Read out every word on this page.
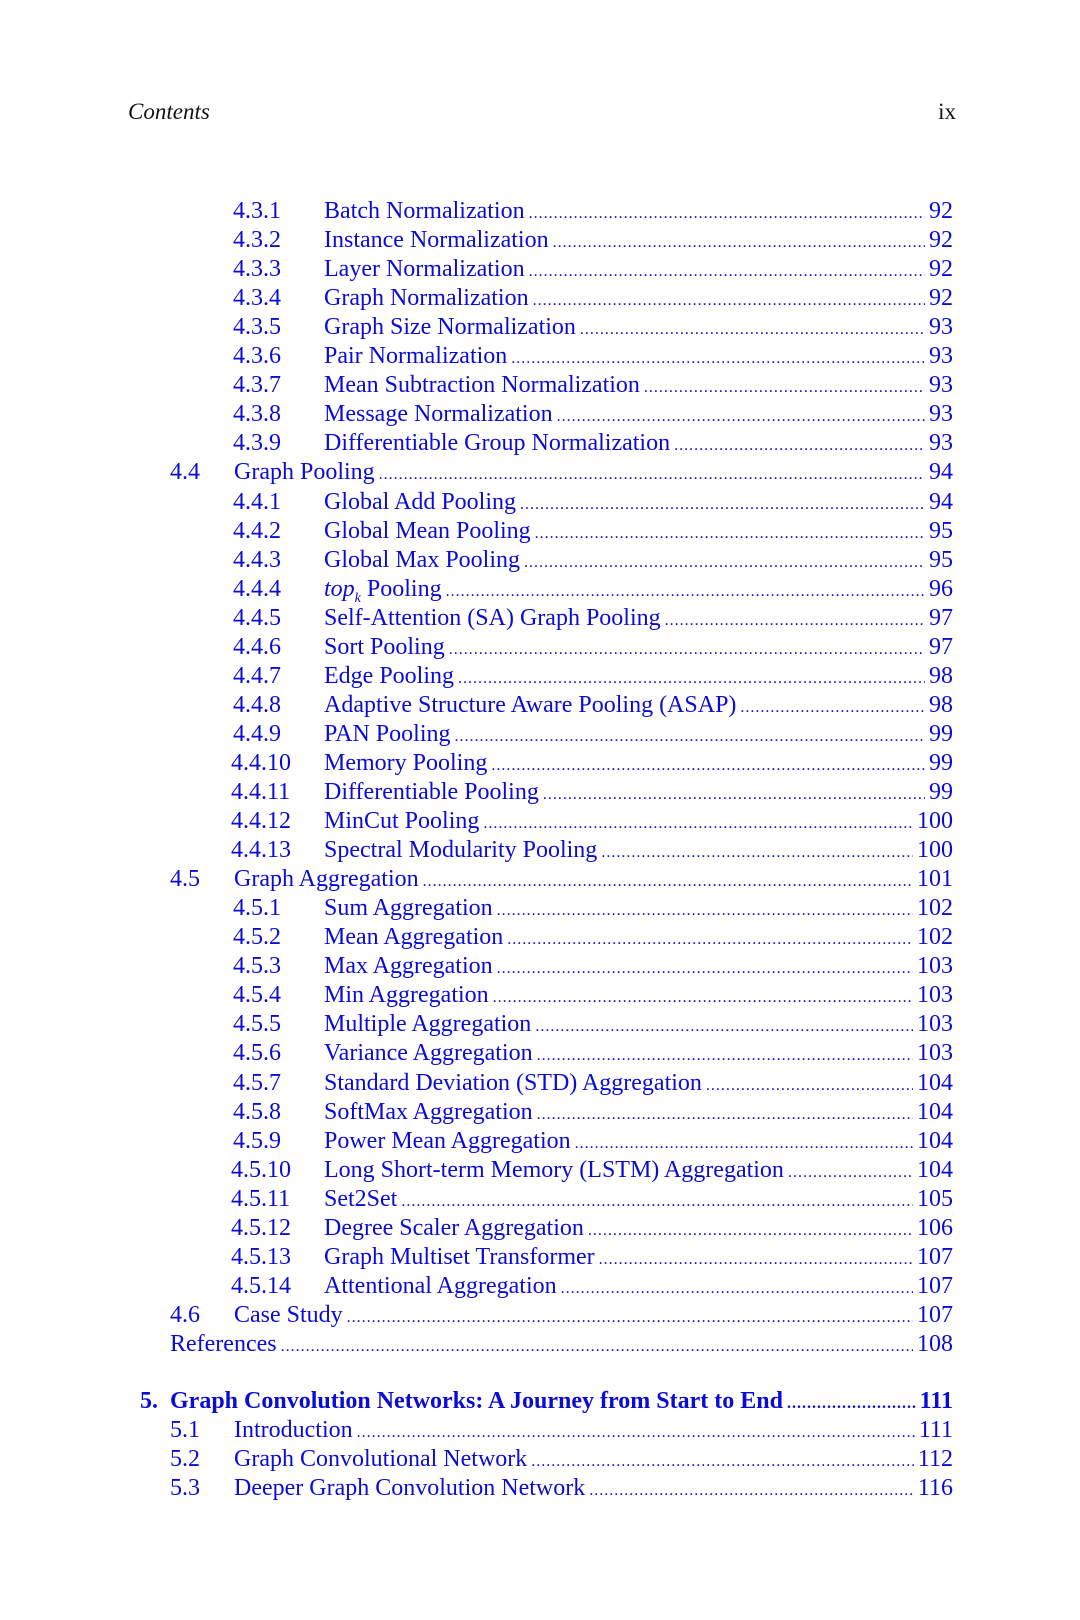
Contents	ix
4.3.1 Batch Normalization .....	92
4.3.2 Instance Normalization .....	92
4.3.3 Layer Normalization .....	92
4.3.4 Graph Normalization .....	92
4.3.5 Graph Size Normalization .....	93
4.3.6 Pair Normalization .....	93
4.3.7 Mean Subtraction Normalization .....	93
4.3.8 Message Normalization .....	93
4.3.9 Differentiable Group Normalization .....	93
4.4 Graph Pooling .....	94
4.4.1 Global Add Pooling .....	94
4.4.2 Global Mean Pooling .....	95
4.4.3 Global Max Pooling .....	95
4.4.4 top$_k$ Pooling .....	96
4.4.5 Self-Attention (SA) Graph Pooling .....	97
4.4.6 Sort Pooling .....	97
4.4.7 Edge Pooling .....	98
4.4.8 Adaptive Structure Aware Pooling (ASAP) .....	98
4.4.9 PAN Pooling .....	99
4.4.10 Memory Pooling .....	99
4.4.11 Differentiable Pooling .....	99
4.4.12 MinCut Pooling .....	100
4.4.13 Spectral Modularity Pooling .....	100
4.5 Graph Aggregation .....	101
4.5.1 Sum Aggregation .....	102
4.5.2 Mean Aggregation .....	102
4.5.3 Max Aggregation .....	103
4.5.4 Min Aggregation .....	103
4.5.5 Multiple Aggregation .....	103
4.5.6 Variance Aggregation .....	103
4.5.7 Standard Deviation (STD) Aggregation .....	104
4.5.8 SoftMax Aggregation .....	104
4.5.9 Power Mean Aggregation .....	104
4.5.10 Long Short-term Memory (LSTM) Aggregation .....	104
4.5.11 Set2Set .....	105
4.5.12 Degree Scaler Aggregation .....	106
4.5.13 Graph Multiset Transformer .....	107
4.5.14 Attentional Aggregation .....	107
4.6 Case Study .....	107
References .....	108
5. Graph Convolution Networks: A Journey from Start to End .....	111
5.1 Introduction .....	111
5.2 Graph Convolutional Network .....	112
5.3 Deeper Graph Convolution Network .....	116
